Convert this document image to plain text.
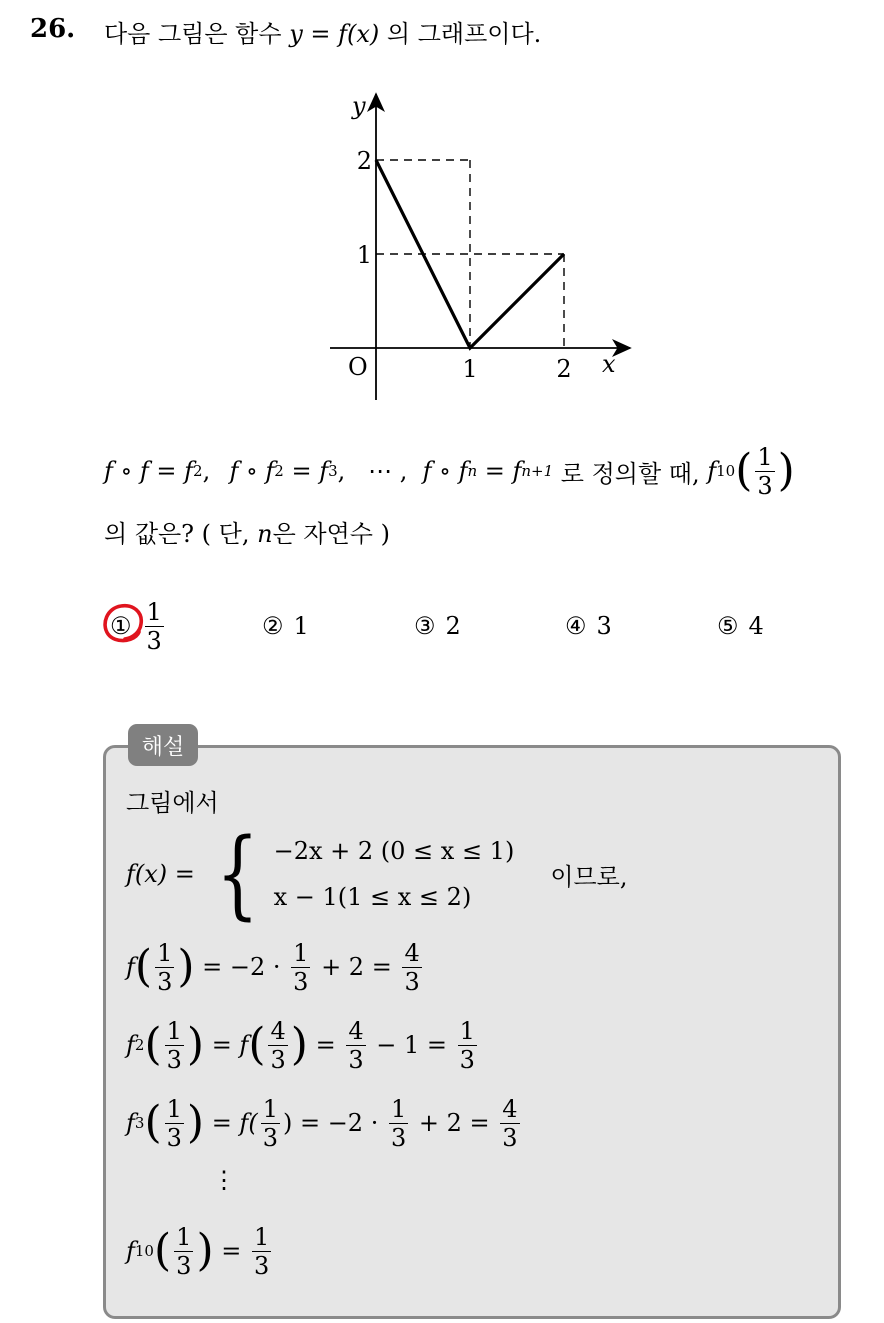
26. 다음 그림은 함수 y = f(x) 의 그래프이다.
O	x
y
1	2
1
2
f ∘ f = f 2 , f ∘ f 2 = f 3 ,   ⋯ , f ∘ f n = f n+1 로 정의할 때, f 10 ( $\frac{1}{3}$ )
의 값은? ( 단, n은 자연수 )
① $\frac{1}{3}$	② 1	③ 2	④ 3	⑤ 4
해설
그림에서
f(x) = { −2x + 2 (0 ≤ x ≤ 1)
x − 1(1 ≤ x ≤ 2)
이므로,
f ( $\frac{1}{3}$ ) = $-2 \cdot \frac{1}{3} + 2 = \frac{4}{3}$
f 2 ( $\frac{1}{3}$ ) = f ( $\frac{4}{3}$ ) = $\frac{4}{3} - 1 = \frac{1}{3}$
f 3 ( $\frac{1}{3}$ ) = $f( \frac{1}{3}$ ) = $-2 \cdot \frac{1}{3} + 2 = \frac{4}{3}$
⋮
f 10 ( $\frac{1}{3}$ ) = $\frac{1}{3}$
